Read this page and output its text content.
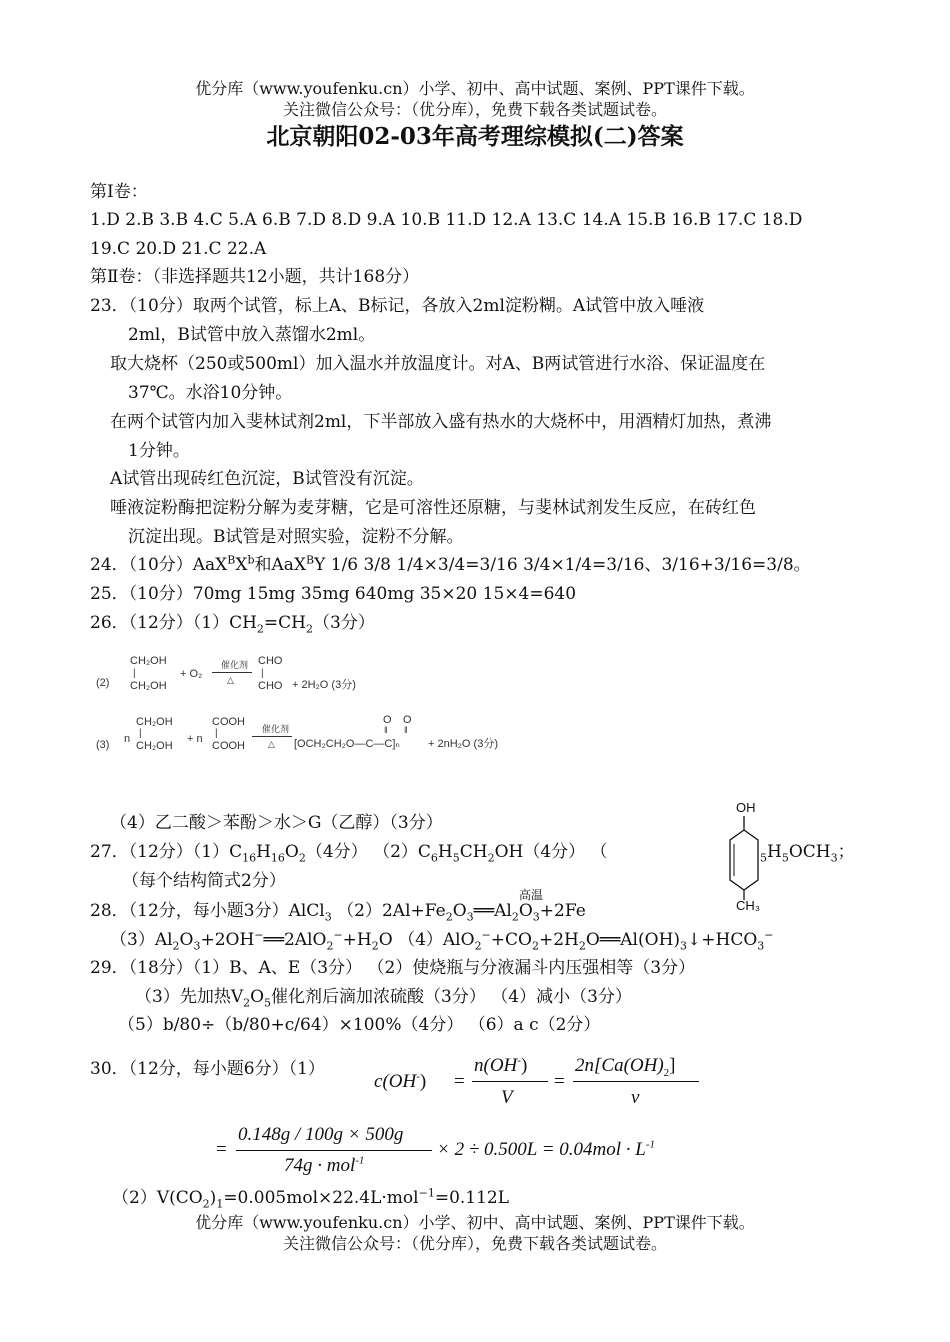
优分库（www.youfenku.cn）小学、初中、高中试题、案例、PPT课件下载。
关注微信公众号：（优分库），免费下载各类试题试卷。
北京朝阳02-03年高考理综模拟(二)答案
第Ⅰ卷：
1.D 2.B 3.B 4.C 5.A 6.B 7.D 8.D 9.A 10.B 11.D 12.A 13.C 14.A 15.B 16.B 17.C 18.D
19.C 20.D 21.C 22.A
第Ⅱ卷：（非选择题共12小题，共计168分）
23．（10分）取两个试管，标上A、B标记，各放入2ml淀粉糊。A试管中放入唾液
2ml，B试管中放入蒸馏水2ml。
取大烧杯（250或500ml）加入温水并放温度计。对A、B两试管进行水浴、保证温度在
37℃。水浴10分钟。
在两个试管内加入斐林试剂2ml，下半部放入盛有热水的大烧杯中，用酒精灯加热，煮沸
1分钟。
A试管出现砖红色沉淀，B试管没有沉淀。
唾液淀粉酶把淀粉分解为麦芽糖，它是可溶性还原糖，与斐林试剂发生反应，在砖红色
沉淀出现。B试管是对照实验，淀粉不分解。
24．（10分）$AaX^BX^b$和AaX$^B$Y 1/6 3/8 1/4×3/4=3/16 3/4×1/4=3/16、3/16+3/16=3/8。
25．（10分）70mg 15mg 35mg 640mg 35×20 15×4=640
26．（12分）$(1)CH_2=CH_2(3$分）
(2)
CH₂OH
|
CH₂OH
+ O₂
催化剂
△
CHO
|
CHO + 2H₂O (3分)
(3) n
CH₂OH
|
CH₂OH
+ n
COOH
|
COOH
催化剂
△
O O
‖ ‖
[OCH₂CH₂O—C—C]ₙ	+ 2nH₂O (3分)
（4）乙二酸＞苯酚＞水＞G（乙醇）（3分）
OH
CH₃
27．（12分）$(1)C_{16}H_{16}O_2(4$分） $(2)C_6H_5CH_2OH(4$分） （	$_5H_5OCH_3$；
（每个结构简式2分）
高温
28．（12分，每小题3分）AlCl$_3$ $(2)2Al+Fe_2O_3══Al_2O_3+2Fe$
$(3)Al_2O_3+2OH^-══2AlO_2^-+H_2O$ $(4)AlO_2^-+CO_2+2H_2O══Al(OH)_3↓+HCO_3^-$
29．（18分）（1）B、A、E（3分） （2）使烧瓶与分液漏斗内压强相等（3分）
（3）先加热$V_2O_5$催化剂后滴加浓硫酸（3分） （4）减小（3分）
（5）b/80÷（b/80+c/64）×100%（4分） （6）a c（2分）
30．（12分，每小题6分）（1）
c(OH-) =
n(OH-)
V
=
$2n[Ca(OH)_2]$
v
=
0.148g / 100g × 500g
74g · mol$^{-1}$
× $2 \div 0.500L = 0.04mol \cdot L^{-1}$
$(2)V(CO_2)_1=0.005mol\times 22.4L\cdot mol^{-1}=0.112L$
优分库（www.youfenku.cn）小学、初中、高中试题、案例、PPT课件下载。
关注微信公众号：（优分库），免费下载各类试题试卷。
